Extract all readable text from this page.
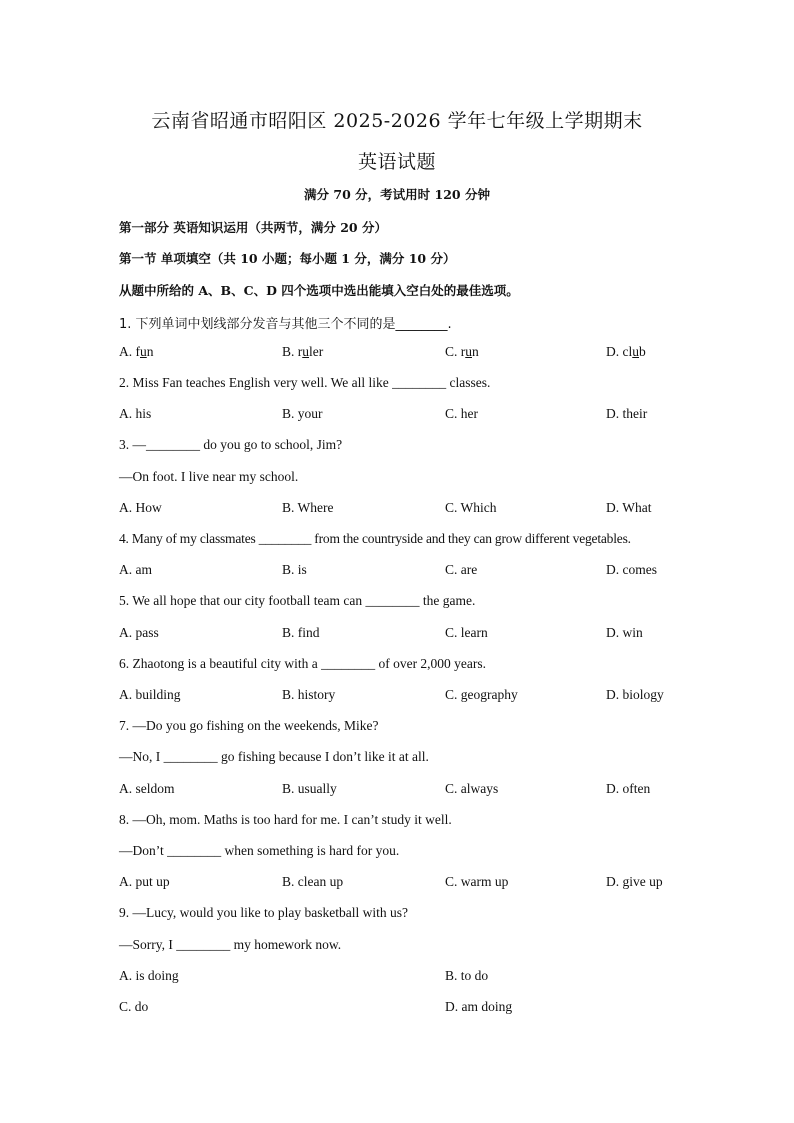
云南省昭通市昭阳区 2025-2026 学年七年级上学期期末
英语试题
满分 70 分，考试用时 120 分钟
第一部分 英语知识运用（共两节，满分 20 分）
第一节 单项填空（共 10 小题；每小题 1 分，满分 10 分）
从题中所给的 A、B、C、D 四个选项中选出能填入空白处的最佳选项。
1. 下列单词中划线部分发音与其他三个不同的是________.
A. fun	B. ruler	C. run	D. club
2. Miss Fan teaches English very well. We all like ________ classes.
A. his	B. your	C. her	D. their
3. —________ do you go to school, Jim?
—On foot. I live near my school.
A. How	B. Where	C. Which	D. What
4. Many of my classmates ________ from the countryside and they can grow different vegetables.
A. am	B. is	C. are	D. comes
5. We all hope that our city football team can ________ the game.
A. pass	B. find	C. learn	D. win
6. Zhaotong is a beautiful city with a ________ of over 2,000 years.
A. building	B. history	C. geography	D. biology
7. —Do you go fishing on the weekends, Mike?
—No, I ________ go fishing because I don’t like it at all.
A. seldom	B. usually	C. always	D. often
8. —Oh, mom. Maths is too hard for me. I can’t study it well.
—Don’t ________ when something is hard for you.
A. put up	B. clean up	C. warm up	D. give up
9. —Lucy, would you like to play basketball with us?
—Sorry, I ________ my homework now.
A. is doing	B. to do
C. do	D. am doing
